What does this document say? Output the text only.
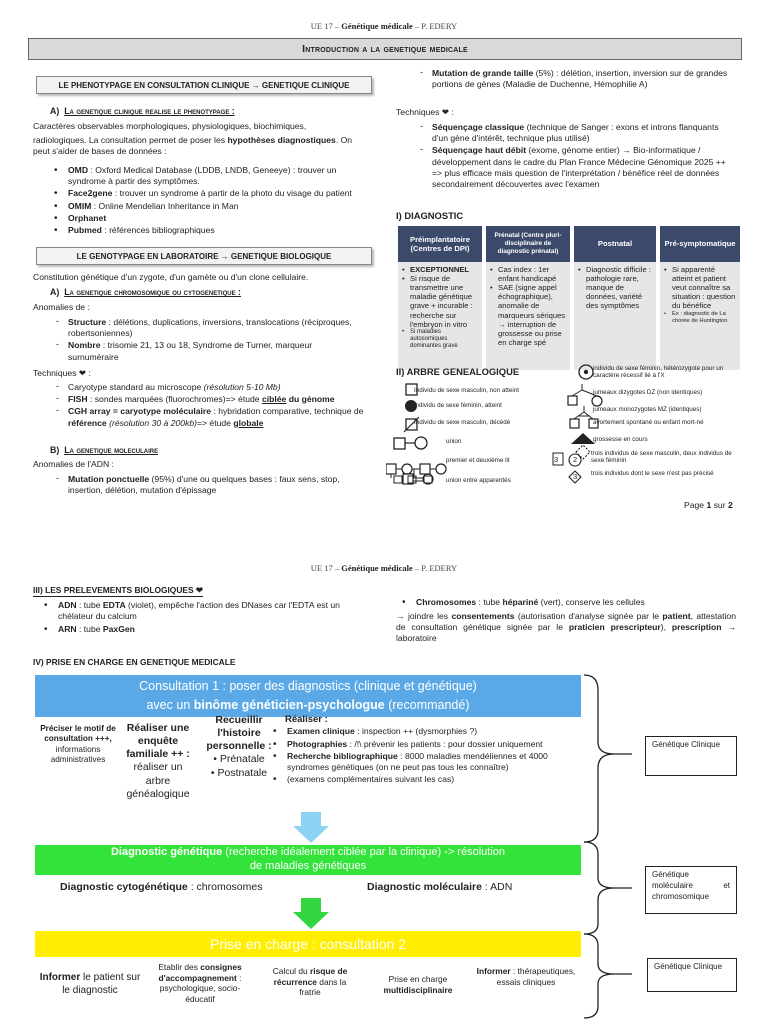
UE 17 – Génétique médicale – P. EDERY
Introduction a la genetique medicale
LE PHENOTYPAGE EN CONSULTATION CLINIQUE → GENETIQUE CLINIQUE
A) La genetique clinique realise le phenotypage :
Caractères observables morphologiques, physiologiques, biochimiques,
radiologiques. La consultation permet de poser les hypothèses diagnostiques. On
peut s'aider de bases de données :
• OMD : Oxford Medical Database (LDDB, LNDB, Geneeye) : trouver un syndrome à partir des symptômes.
• Face2gene : trouver un syndrome à partir de la photo du visage du patient
• OMIM : Online Mendelian Inheritance in Man
• Orphanet
• Pubmed : références bibliographiques
LE GENOTYPAGE EN LABORATOIRE → GENETIQUE BIOLOGIQUE
Constitution génétique d'un zygote, d'un gamète ou d'un clone cellulaire.
A) La genetique chromosomique ou cytogenetique :
Anomalies de :
- Structure : délétions, duplications, inversions, translocations (réciproques, robertsoniennes)
- Nombre : trisomie 21, 13 ou 18, Syndrome de Turner, marqueur surnuméraire
Techniques ❤ :
- Caryotype standard au microscope (résolution 5-10 Mb)
- FISH : sondes marquées (fluorochromes)=> étude ciblée du génome
- CGH array = caryotype moléculaire : hybridation comparative, technique de référence (résolution 30 à 200kb)=> étude globale
B) La genetique moleculaire
Anomalies de l'ADN :
- Mutation ponctuelle (95%) d'une ou quelques bases : faux sens, stop, insertion, délétion, mutation d'épissage
- Mutation de grande taille (5%) : délétion, insertion, inversion sur de grandes portions de gènes (Maladie de Duchenne, Hémophilie A)
Techniques ❤ :
- Séquençage classique (technique de Sanger : exons et introns flanquants d'un gène d'intérêt, technique plus utilisé)
- Séquençage haut débit (exome, génome entier) → Bio-informatique / développement dans le cadre du Plan France Médecine Génomique 2025 ++ => plus efficace mais question de l'interprétation / bénéfice réel de données secondairement découvertes avec l'examen
I) DIAGNOSTIC
Préimplantatoire (Centres de DPI)
• EXCEPTIONNEL
• Si risque de transmettre une maladie génétique grave + incurable : recherche sur l'embryon in vitro
• Si maladies autosomiques dominantes grave
Prénatal (Centre pluri-disciplinaire de diagnostic prénatal)
• Cas index : 1er enfant handicapé
• SAE (signe appel échographique), anomalie de marqueurs sériques → interruption de grossesse ou prise en charge spé
Postnatal
• Diagnostic difficile : pathologie rare, manque de données, variété des symptômes
Pré-symptomatique
• Si apparenté atteint et patient veut connaître sa situation : question du bénéfice
• Ex : diagnostic de La chorée de Huntington
II) ARBRE GENEALOGIQUE
Individu de sexe masculin, non atteint
individu de sexe féminin, atteint
Individu de sexe masculin, décédé
union
premier et deuxième lit
union entre apparentés
individu de sexe féminin, hétérozygote pour un caractère récessif lié à l'X
jumeaux dizygotes DZ (non identiques)
jumeaux monozygotes MZ (identiques)
avortement spontané ou enfant mort-né
grossesse en cours
trois individus de sexe masculin, deux individus de sexe féminin
trois individus dont le sexe n'est pas précisé
3 2
3
Page 1 sur 2
UE 17 – Génétique médicale – P. EDERY
III) LES PRELEVEMENTS BIOLOGIQUES ❤
• ADN : tube EDTA (violet), empêche l'action des DNases car l'EDTA est un chélateur du calcium
• ARN : tube PaxGen
• Chromosomes : tube hépariné (vert), conserve les cellules
→ joindre les consentements (autorisation d'analyse signée par le patient, attestation de consultation génétique signée par le praticien prescripteur), prescription → laboratoire
IV) PRISE EN CHARGE EN GENETIQUE MEDICALE
Consultation 1 : poser des diagnostics (clinique et génétique)
avec un binôme généticien-psychologue (recommandé)
Préciser le motif de consultation +++,
informations administratives
Réaliser une enquête familiale ++ :
réaliser un arbre généalogique
Recueillir l'histoire personnelle :
• Prénatale
• Postnatale
Réaliser :
• Examen clinique : inspection ++ (dysmorphies ?)
• Photographies : /!\ prévenir les patients : pour dossier uniquement
• Recherche bibliographique : 8000 maladies mendéliennes et 4000 syndromes génétiques (on ne peut pas tous les connaître)
• (examens complémentaires suivant les cas)
Diagnostic génétique (recherche idéalement ciblée par la clinique) -> résolution de maladies génétiques
Diagnostic cytogénétique : chromosomes	Diagnostic moléculaire : ADN
Prise en charge : consultation 2
Informer le patient sur le diagnostic
Etablir des consignes d'accompagnement : psychologique, socio-éducatif
Calcul du risque de récurrence dans la fratrie
Prise en charge multidisciplinaire
Informer : thérapeutiques, essais cliniques
Génétique Clinique
Génétique moléculaire et chromosomique
Génétique Clinique
